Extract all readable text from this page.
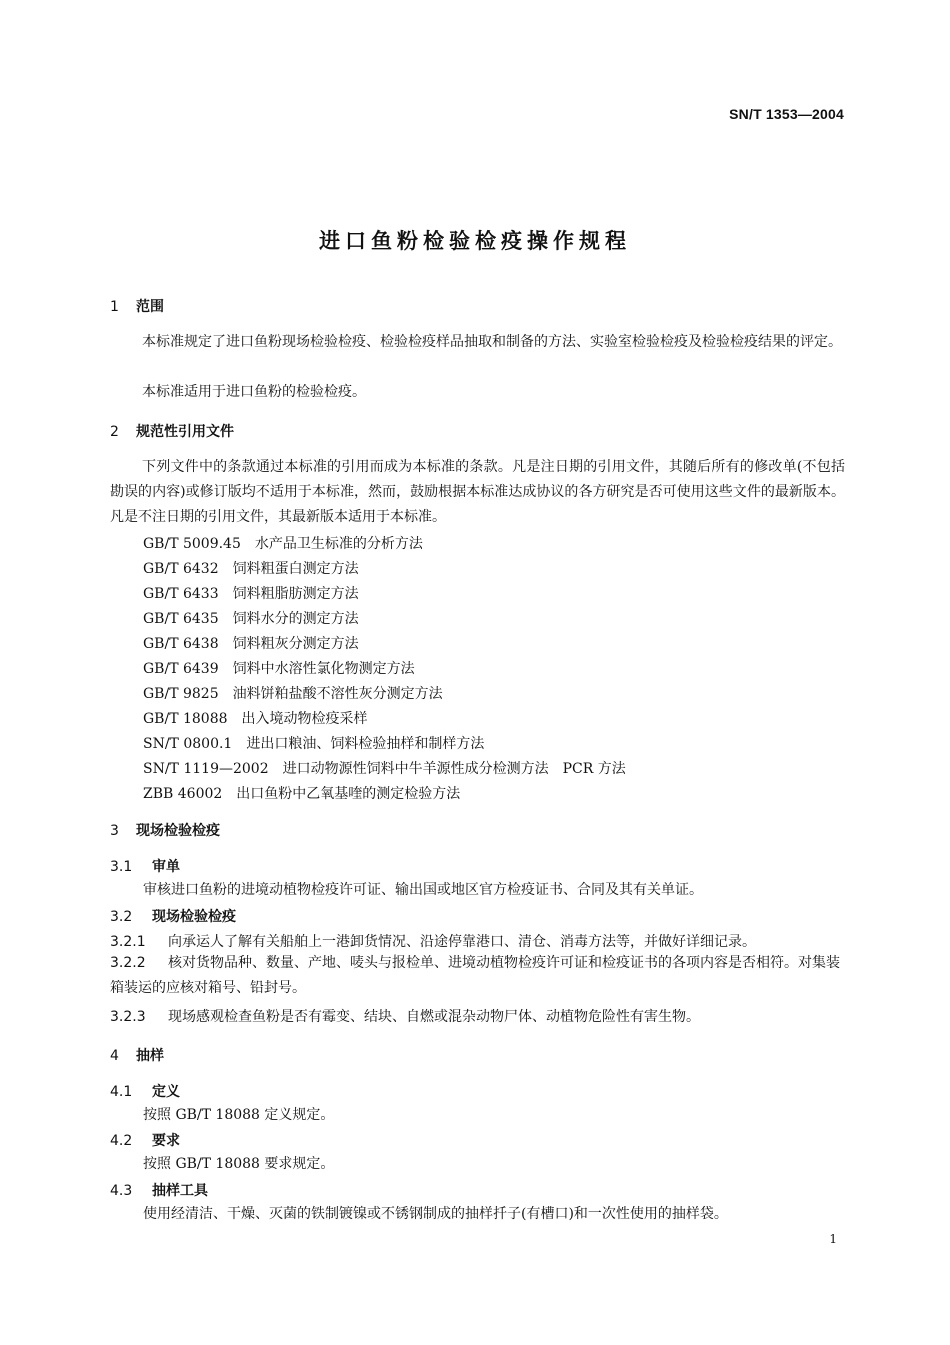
SN/T 1353—2004
进口鱼粉检验检疫操作规程
1 范围
本标准规定了进口鱼粉现场检验检疫、检验检疫样品抽取和制备的方法、实验室检验检疫及检验检疫结果的评定。
本标准适用于进口鱼粉的检验检疫。
2 规范性引用文件
下列文件中的条款通过本标准的引用而成为本标准的条款。凡是注日期的引用文件，其随后所有的修改单(不包括勘误的内容)或修订版均不适用于本标准，然而，鼓励根据本标准达成协议的各方研究是否可使用这些文件的最新版本。凡是不注日期的引用文件，其最新版本适用于本标准。
GB/T 5009.45 水产品卫生标准的分析方法
GB/T 6432 饲料粗蛋白测定方法
GB/T 6433 饲料粗脂肪测定方法
GB/T 6435 饲料水分的测定方法
GB/T 6438 饲料粗灰分测定方法
GB/T 6439 饲料中水溶性氯化物测定方法
GB/T 9825 油料饼粕盐酸不溶性灰分测定方法
GB/T 18088 出入境动物检疫采样
SN/T 0800.1 进出口粮油、饲料检验抽样和制样方法
SN/T 1119—2002 进口动物源性饲料中牛羊源性成分检测方法　PCR 方法
ZBB 46002 出口鱼粉中乙氧基喹的测定检验方法
3 现场检验检疫
3.1 审单
审核进口鱼粉的进境动植物检疫许可证、输出国或地区官方检疫证书、合同及其有关单证。
3.2 现场检验检疫
3.2.1 向承运人了解有关船舶上一港卸货情况、沿途停靠港口、清仓、消毒方法等，并做好详细记录。
3.2.2 核对货物品种、数量、产地、唛头与报检单、进境动植物检疫许可证和检疫证书的各项内容是否相符。对集装箱装运的应核对箱号、铅封号。
3.2.3 现场感观检查鱼粉是否有霉变、结块、自燃或混杂动物尸体、动植物危险性有害生物。
4 抽样
4.1 定义
按照 GB/T 18088 定义规定。
4.2 要求
按照 GB/T 18088 要求规定。
4.3 抽样工具
使用经清洁、干燥、灭菌的铁制镀镍或不锈钢制成的抽样扦子(有槽口)和一次性使用的抽样袋。
1
